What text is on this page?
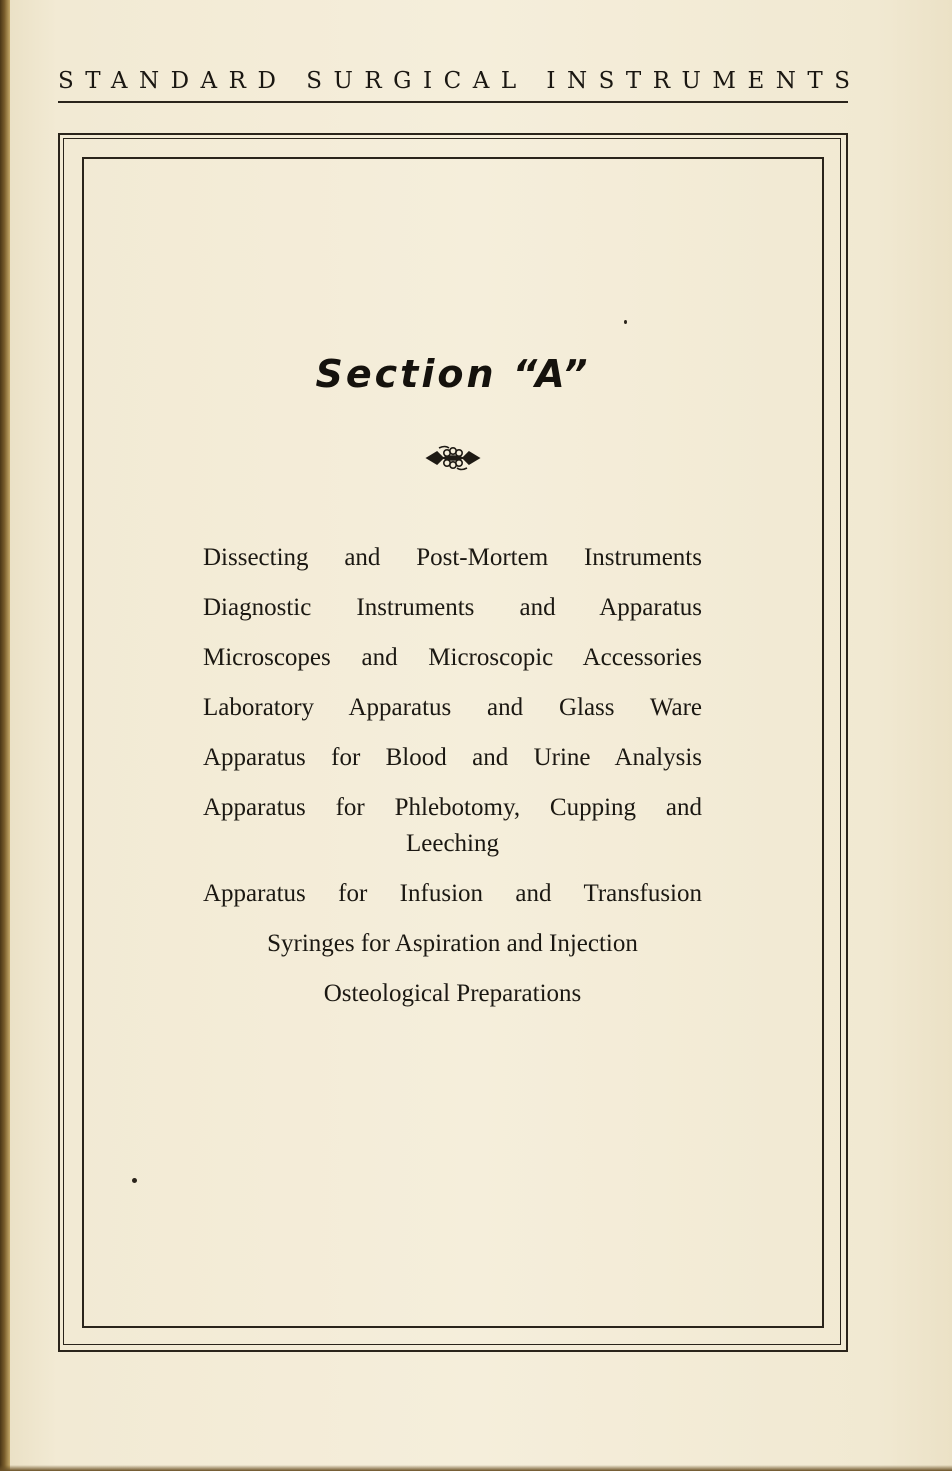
STANDARD SURGICAL INSTRUMENTS
Section “A”
Dissecting and Post-Mortem Instruments
Diagnostic Instruments and Apparatus
Microscopes and Microscopic Accessories
Laboratory Apparatus and Glass Ware
Apparatus for Blood and Urine Analysis
Apparatus for Phlebotomy, Cupping and
Leeching
Apparatus for Infusion and Transfusion
Syringes for Aspiration and Injection
Osteological Preparations
